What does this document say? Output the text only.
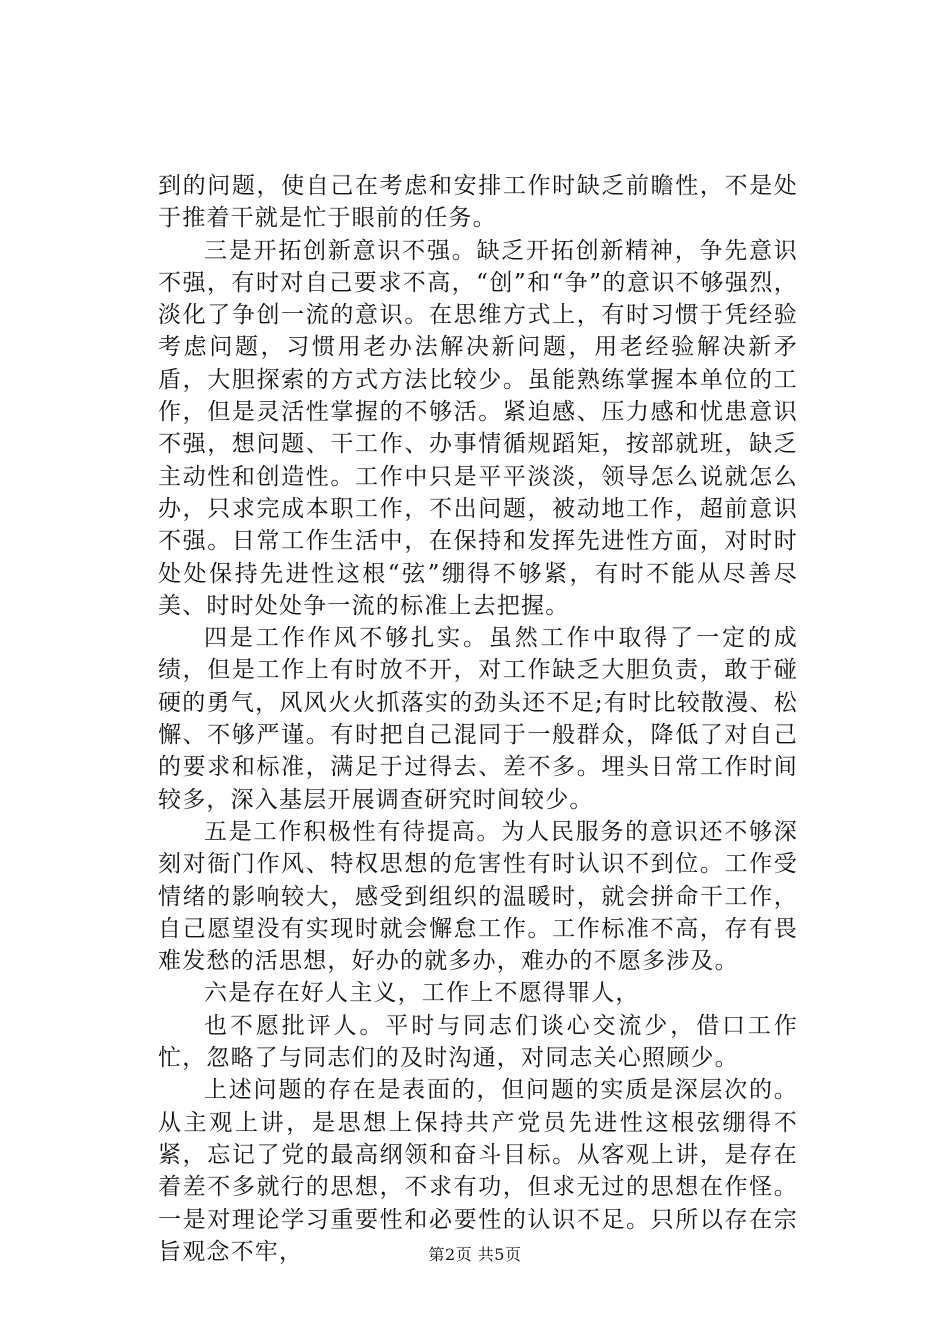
到的问题，使自己在考虑和安排工作时缺乏前瞻性，不是处于推着干就是忙于眼前的任务。

三是开拓创新意识不强。缺乏开拓创新精神，争先意识不强，有时对自己要求不高，“创”和“争”的意识不够强烈，淡化了争创一流的意识。在思维方式上，有时习惯于凭经验考虑问题，习惯用老办法解决新问题，用老经验解决新矛盾，大胆探索的方式方法比较少。虽能熟练掌握本单位的工作，但是灵活性掌握的不够活。紧迫感、压力感和忧患意识不强，想问题、干工作、办事情循规蹈矩，按部就班，缺乏主动性和创造性。工作中只是平平淡淡，领导怎么说就怎么办，只求完成本职工作，不出问题，被动地工作，超前意识不强。日常工作生活中，在保持和发挥先进性方面，对时时处处保持先进性这根“弦”绷得不够紧，有时不能从尽善尽美、时时处处争一流的标准上去把握。

四是工作作风不够扎实。虽然工作中取得了一定的成绩，但是工作上有时放不开，对工作缺乏大胆负责，敢于碰硬的勇气，风风火火抓落实的劲头还不足;有时比较散漫、松懈、不够严谨。有时把自己混同于一般群众，降低了对自己的要求和标准，满足于过得去、差不多。埋头日常工作时间较多，深入基层开展调查研究时间较少。

五是工作积极性有待提高。为人民服务的意识还不够深刻对衙门作风、特权思想的危害性有时认识不到位。工作受情绪的影响较大，感受到组织的温暖时，就会拼命干工作，自己愿望没有实现时就会懈怠工作。工作标准不高，存有畏难发愁的活思想，好办的就多办，难办的不愿多涉及。

六是存在好人主义，工作上不愿得罪人，

也不愿批评人。平时与同志们谈心交流少，借口工作忙，忽略了与同志们的及时沟通，对同志关心照顾少。

上述问题的存在是表面的，但问题的实质是深层次的。从主观上讲，是思想上保持共产党员先进性这根弦绷得不紧，忘记了党的最高纲领和奋斗目标。从客观上讲，是存在着差不多就行的思想，不求有功，但求无过的思想在作怪。一是对理论学习重要性和必要性的认识不足。只所以存在宗旨观念不牢，	第2页 共5页
